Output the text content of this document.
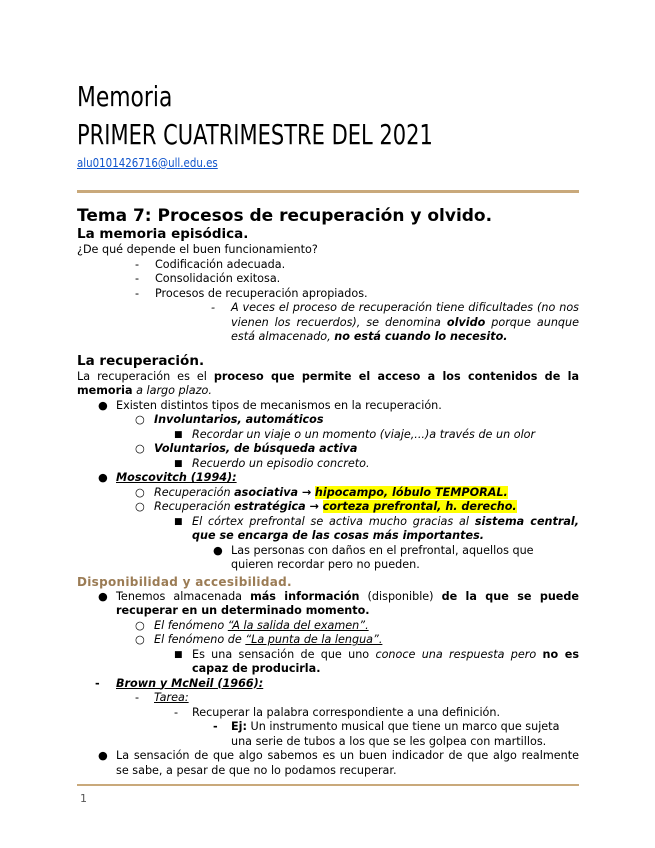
Memoria
PRIMER CUATRIMESTRE DEL 2021
alu0101426716@ull.edu.es
Tema 7: Procesos de recuperación y olvido.
La memoria episódica.
¿De qué depende el buen funcionamiento?
- Codificación adecuada.
- Consolidación exitosa.
- Procesos de recuperación apropiados.
- A veces el proceso de recuperación tiene dificultades (no nos vienen los recuerdos), se denomina olvido porque aunque está almacenado, no está cuando lo necesito.
La recuperación.
La recuperación es el proceso que permite el acceso a los contenidos de la memoria a largo plazo.
● Existen distintos tipos de mecanismos en la recuperación.
○ Involuntarios, automáticos
■ Recordar un viaje o un momento (viaje,...)a través de un olor
○ Voluntarios, de búsqueda activa
■ Recuerdo un episodio concreto.
● Moscovitch (1994):
○ Recuperación asociativa → hipocampo, lóbulo TEMPORAL.
○ Recuperación estratégica → corteza prefrontal, h. derecho.
■ El córtex prefrontal se activa mucho gracias al sistema central, que se encarga de las cosas más importantes.
● Las personas con daños en el prefrontal, aquellos que quieren recordar pero no pueden.
Disponibilidad y accesibilidad.
● Tenemos almacenada más información (disponible) de la que se puede recuperar en un determinado momento.
○ El fenómeno “A la salida del examen”.
○ El fenómeno de “La punta de la lengua”.
■ Es una sensación de que uno conoce una respuesta pero no es capaz de producirla.
- Brown y McNeil (1966):
- Tarea:
- Recuperar la palabra correspondiente a una definición.
- Ej: Un instrumento musical que tiene un marco que sujeta una serie de tubos a los que se les golpea con martillos.
● La sensación de que algo sabemos es un buen indicador de que algo realmente se sabe, a pesar de que no lo podamos recuperar.
1
